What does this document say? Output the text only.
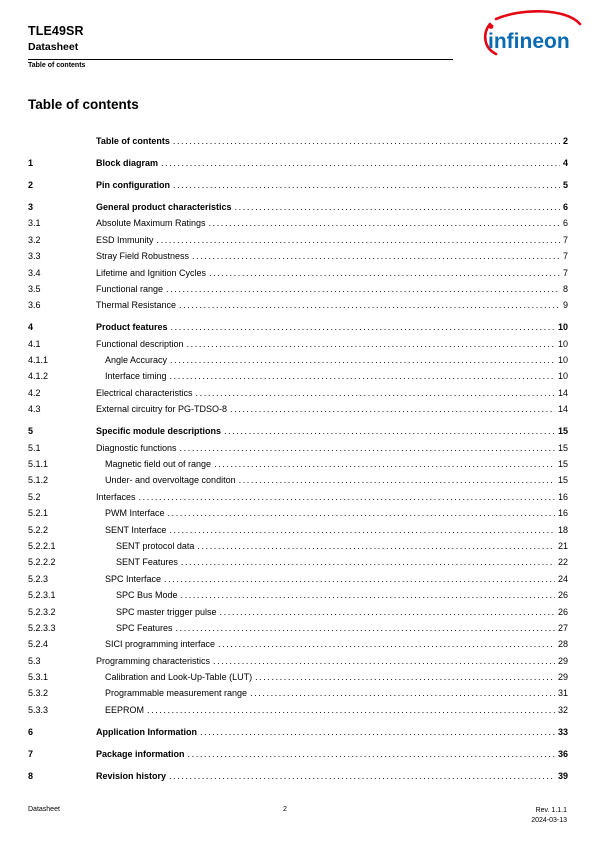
TLE49SR
Datasheet
Table of contents
infineon
Table of contents
Table of contents .....	2
1	Block diagram .....	4
2	Pin configuration .....	5
3	General product characteristics .....	6
3.1	Absolute Maximum Ratings .....	6
3.2	ESD Immunity .....	7
3.3	Stray Field Robustness .....	7
3.4	Lifetime and Ignition Cycles .....	7
3.5	Functional range .....	8
3.6	Thermal Resistance .....	9
4	Product features .....	10
4.1	Functional description .....	10
4.1.1	Angle Accuracy .....	10
4.1.2	Interface timing .....	10
4.2	Electrical characteristics .....	14
4.3	External circuitry for PG-TDSO-8 .....	14
5	Specific module descriptions .....	15
5.1	Diagnostic functions .....	15
5.1.1	Magnetic field out of range .....	15
5.1.2	Under- and overvoltage conditon .....	15
5.2	Interfaces .....	16
5.2.1	PWM Interface .....	16
5.2.2	SENT Interface .....	18
5.2.2.1	SENT protocol data .....	21
5.2.2.2	SENT Features .....	22
5.2.3	SPC Interface .....	24
5.2.3.1	SPC Bus Mode .....	26
5.2.3.2	SPC master trigger pulse .....	26
5.2.3.3	SPC Features .....	27
5.2.4	SICI programming interface .....	28
5.3	Programming characteristics .....	29
5.3.1	Calibration and Look-Up-Table (LUT) .....	29
5.3.2	Programmable measurement range .....	31
5.3.3	EEPROM .....	32
6	Application Information .....	33
7	Package information .....	36
8	Revision history .....	39
Datasheet	2	Rev. 1.1.1
2024-03-13
